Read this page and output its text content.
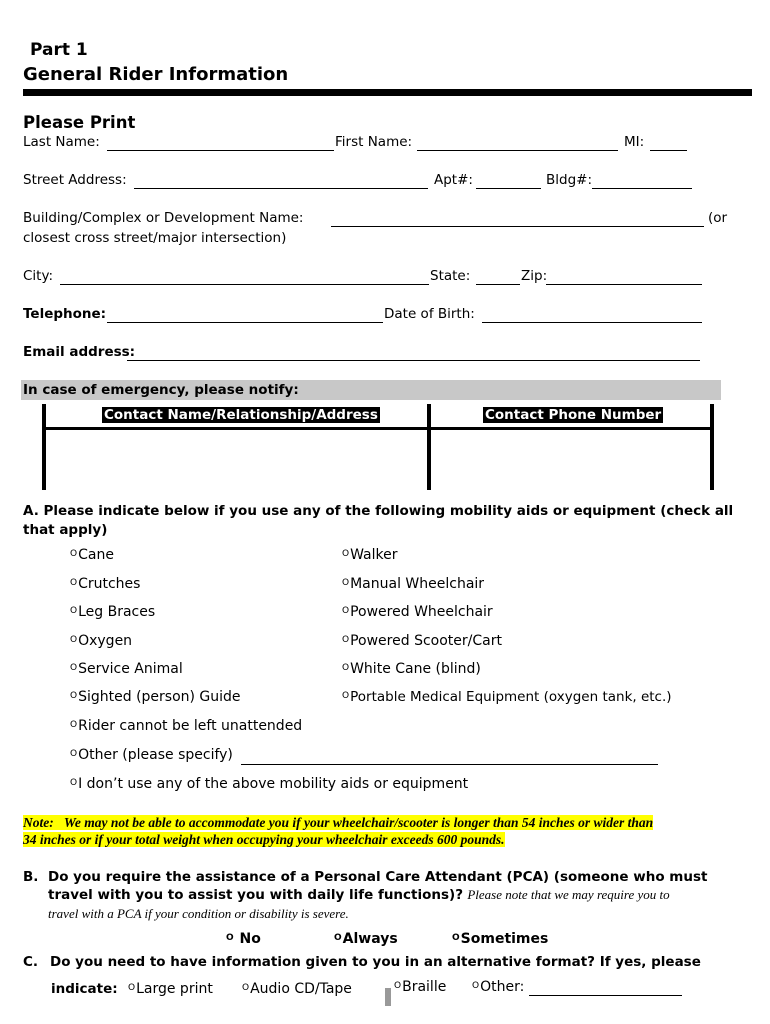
Part 1
General Rider Information
Please Print
Last Name:	First Name:	MI:
Street Address:	Apt#:	Bldg#:
Building/Complex or Development Name:	(or
closest cross street/major intersection)
City:	State:	Zip:
Telephone:	Date of Birth:
Email address:
In case of emergency, please notify:
Contact Name/Relationship/Address	Contact Phone Number
A. Please indicate below if you use any of the following mobility aids or equipment (check all
that apply)
$^O$Cane
$^O$Crutches
$^O$Leg Braces
$^O$Oxygen
$^O$Service Animal
$^O$Sighted (person) Guide
$^O$Walker
$^O$Manual Wheelchair
$^O$Powered Wheelchair
$^O$Powered Scooter/Cart
$^O$White Cane (blind)
$^O$Portable Medical Equipment (oxygen tank, etc.)
$^O$Rider cannot be left unattended
$^O$Other (please specify)
$^O$I don’t use any of the above mobility aids or equipment
Note: We may not be able to accommodate you if your wheelchair/scooter is longer than 54 inches or wider than
34 inches or if your total weight when occupying your wheelchair exceeds 600 pounds.
B. Do you require the assistance of a Personal Care Attendant (PCA) (someone who must
travel with you to assist you with daily life functions)? Please note that we may require you to
travel with a PCA if your condition or disability is severe.
$^O$ No	$^O$Always	$^O$Sometimes
C. Do you need to have information given to you in an alternative format? If yes, please
indicate: $^O$Large print	$^O$Audio CD/Tape	$^O$Braille	$^O$Other:
